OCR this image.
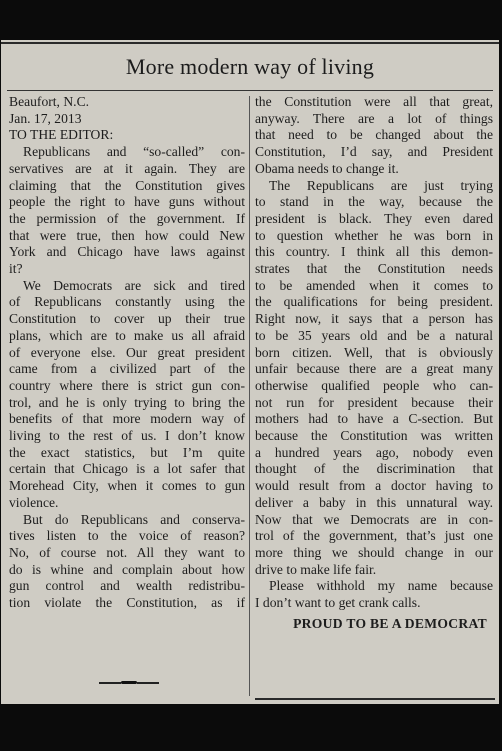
More modern way of living
Beaufort, N.C.
Jan. 17, 2013
TO THE EDITOR:
Republicans and “so-called” con-
servatives are at it again. They are
claiming that the Constitution gives
people the right to have guns without
the permission of the government. If
that were true, then how could New
York and Chicago have laws against
it?
We Democrats are sick and tired
of Republicans constantly using the
Constitution to cover up their true
plans, which are to make us all afraid
of everyone else. Our great president
came from a civilized part of the
country where there is strict gun con-
trol, and he is only trying to bring the
benefits of that more modern way of
living to the rest of us. I don’t know
the exact statistics, but I’m quite
certain that Chicago is a lot safer that
Morehead City, when it comes to gun
violence.
But do Republicans and conserva-
tives listen to the voice of reason?
No, of course not. All they want to
do is whine and complain about how
gun control and wealth redistribu-
tion violate the Constitution, as if
the Constitution were all that great,
anyway. There are a lot of things
that need to be changed about the
Constitution, I’d say, and President
Obama needs to change it.
The Republicans are just trying
to stand in the way, because the
president is black. They even dared
to question whether he was born in
this country. I think all this demon-
strates that the Constitution needs
to be amended when it comes to
the qualifications for being president.
Right now, it says that a person has
to be 35 years old and be a natural
born citizen. Well, that is obviously
unfair because there are a great many
otherwise qualified people who can-
not run for president because their
mothers had to have a C-section. But
because the Constitution was written
a hundred years ago, nobody even
thought of the discrimination that
would result from a doctor having to
deliver a baby in this unnatural way.
Now that we Democrats are in con-
trol of the government, that’s just one
more thing we should change in our
drive to make life fair.
Please withhold my name because
I don’t want to get crank calls.
PROUD TO BE A DEMOCRAT
